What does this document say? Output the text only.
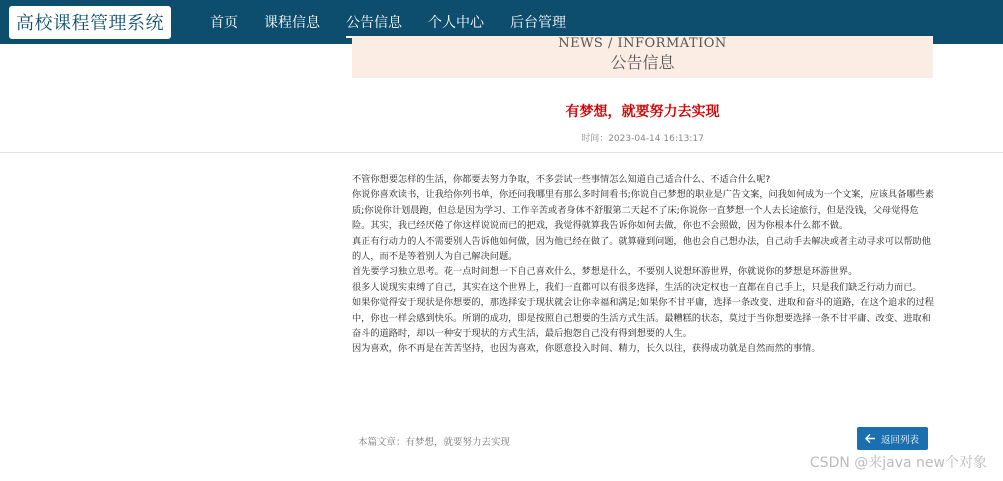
高校课程管理系统	首页	课程信息	公告信息	个人中心	后台管理
NEWS / INFORMATION
公告信息
有梦想，就要努力去实现
时间：2023-04-14 16:13:17

不管你想要怎样的生活，你都要去努力争取，不多尝试一些事情怎么知道自己适合什么、不适合什么呢?

你说你喜欢读书，让我给你列书单，你还问我哪里有那么多时间看书;你说自己梦想的职业是广告文案，问我如何成为一个文案，应该具备哪些素质;你说你计划晨跑，但总是因为学习、工作辛苦或者身体不舒服第二天起不了床;你说你一直梦想一个人去长途旅行，但是没钱，父母觉得危险。其实，我已经厌倦了你这样说说而已的把戏，我觉得就算我告诉你如何去做，你也不会照做，因为你根本什么都不做。

真正有行动力的人不需要别人告诉他如何做，因为他已经在做了。就算碰到问题，他也会自己想办法，自己动手去解决或者主动寻求可以帮助他的人，而不是等着别人为自己解决问题。

首先要学习独立思考。花一点时间想一下自己喜欢什么，梦想是什么，不要别人说想环游世界，你就说你的梦想是环游世界。

很多人说现实束缚了自己，其实在这个世界上，我们一直都可以有很多选择，生活的决定权也一直都在自己手上，只是我们缺乏行动力而已。

如果你觉得安于现状是你想要的，那选择安于现状就会让你幸福和满足;如果你不甘平庸，选择一条改变、进取和奋斗的道路，在这个追求的过程中，你也一样会感到快乐。所谓的成功，即是按照自己想要的生活方式生活。最糟糕的状态，莫过于当你想要选择一条不甘平庸、改变、进取和奋斗的道路时，却以一种安于现状的方式生活，最后抱怨自己没有得到想要的人生。

因为喜欢，你不再是在苦苦坚持，也因为喜欢，你愿意投入时间、精力，长久以往，获得成功就是自然而然的事情。

本篇文章：有梦想，就要努力去实现	返回列表
CSDN @来java new个对象
